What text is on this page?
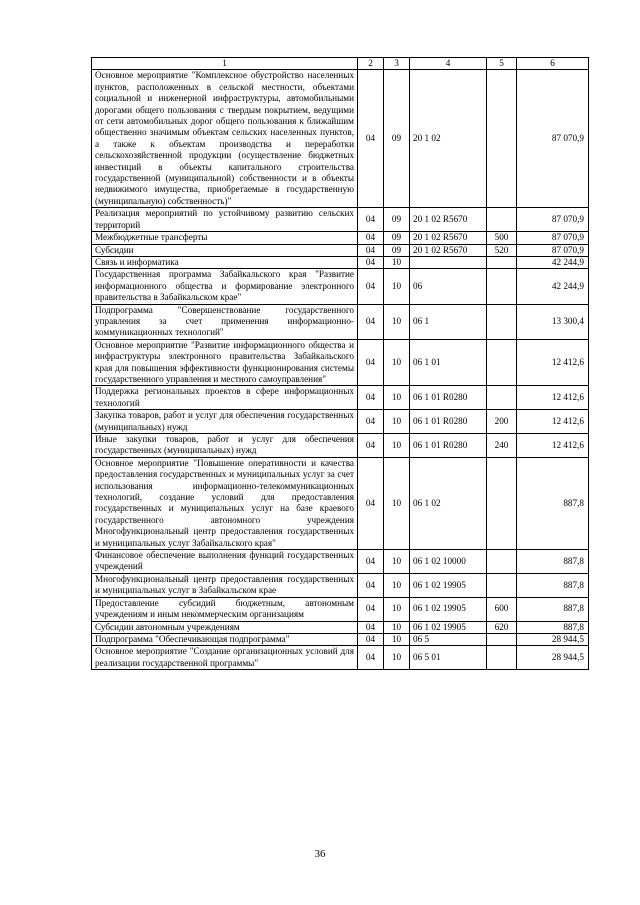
1	2	3	4	5	6
Основное мероприятие "Комплексное обустройство населенных пунктов, расположенных в сельской местности, объектами социальной и инженерной инфраструктуры, автомобильными дорогами общего пользования с твердым покрытием, ведущими от сети автомобильных дорог общего пользования к ближайшим общественно значимым объектам сельских населенных пунктов, а также к объектам производства и переработки сельскохозяйственной продукции (осуществление бюджетных инвестиций в объекты капитального строительства государственной (муниципальной) собственности и в объекты недвижимого имущества, приобретаемые в государственную (муниципальную) собственность)"	04	09	20 1 02		87 070,9
Реализация мероприятий по устойчивому развитию сельских территорий	04	09	20 1 02 R5670		87 070,9
Межбюджетные трансферты	04	09	20 1 02 R5670	500	87 070,9
Субсидии	04	09	20 1 02 R5670	520	87 070,9
Связь и информатика	04	10			42 244,9
Государственная программа Забайкальского края "Развитие информационного общества и формирование электронного правительства в Забайкальском крае"	04	10	06		42 244,9
Подпрограмма "Совершенствование государственного управления за счет применения информационно-коммуникационных технологий"	04	10	06 1		13 300,4
Основное мероприятие "Развитие информационного общества и инфраструктуры электронного правительства Забайкальского края для повышения эффективности функционирования системы государственного управления и местного самоуправления"	04	10	06 1 01		12 412,6
Поддержка региональных проектов в сфере информационных технологий	04	10	06 1 01 R0280		12 412,6
Закупка товаров, работ и услуг для обеспечения государственных (муниципальных) нужд	04	10	06 1 01 R0280	200	12 412,6
Иные закупки товаров, работ и услуг для обеспечения государственных (муниципальных) нужд	04	10	06 1 01 R0280	240	12 412,6
Основное мероприятие "Повышение оперативности и качества предоставления государственных и муниципальных услуг за счет использования информационно-телекоммуникационных технологий, создание условий для предоставления государственных и муниципальных услуг на базе краевого государственного автономного учреждения Многофункциональный центр предоставления государственных и муниципальных услуг Забайкальского края"	04	10	06 1 02		887,8
Финансовое обеспечение выполнения функций государственных учреждений	04	10	06 1 02 10000		887,8
Многофункциональный центр предоставления государственных и муниципальных услуг в Забайкальском крае	04	10	06 1 02 19905		887,8
Предоставление субсидий бюджетным, автономным учреждениям и иным некоммерческим организациям	04	10	06 1 02 19905	600	887,8
Субсидии автономным учреждениям	04	10	06 1 02 19905	620	887,8
Подпрограмма "Обеспечивающая подпрограмма"	04	10	06 5		28 944,5
Основное мероприятие "Создание организационных условий для реализации государственной программы"	04	10	06 5 01		28 944,5
36
